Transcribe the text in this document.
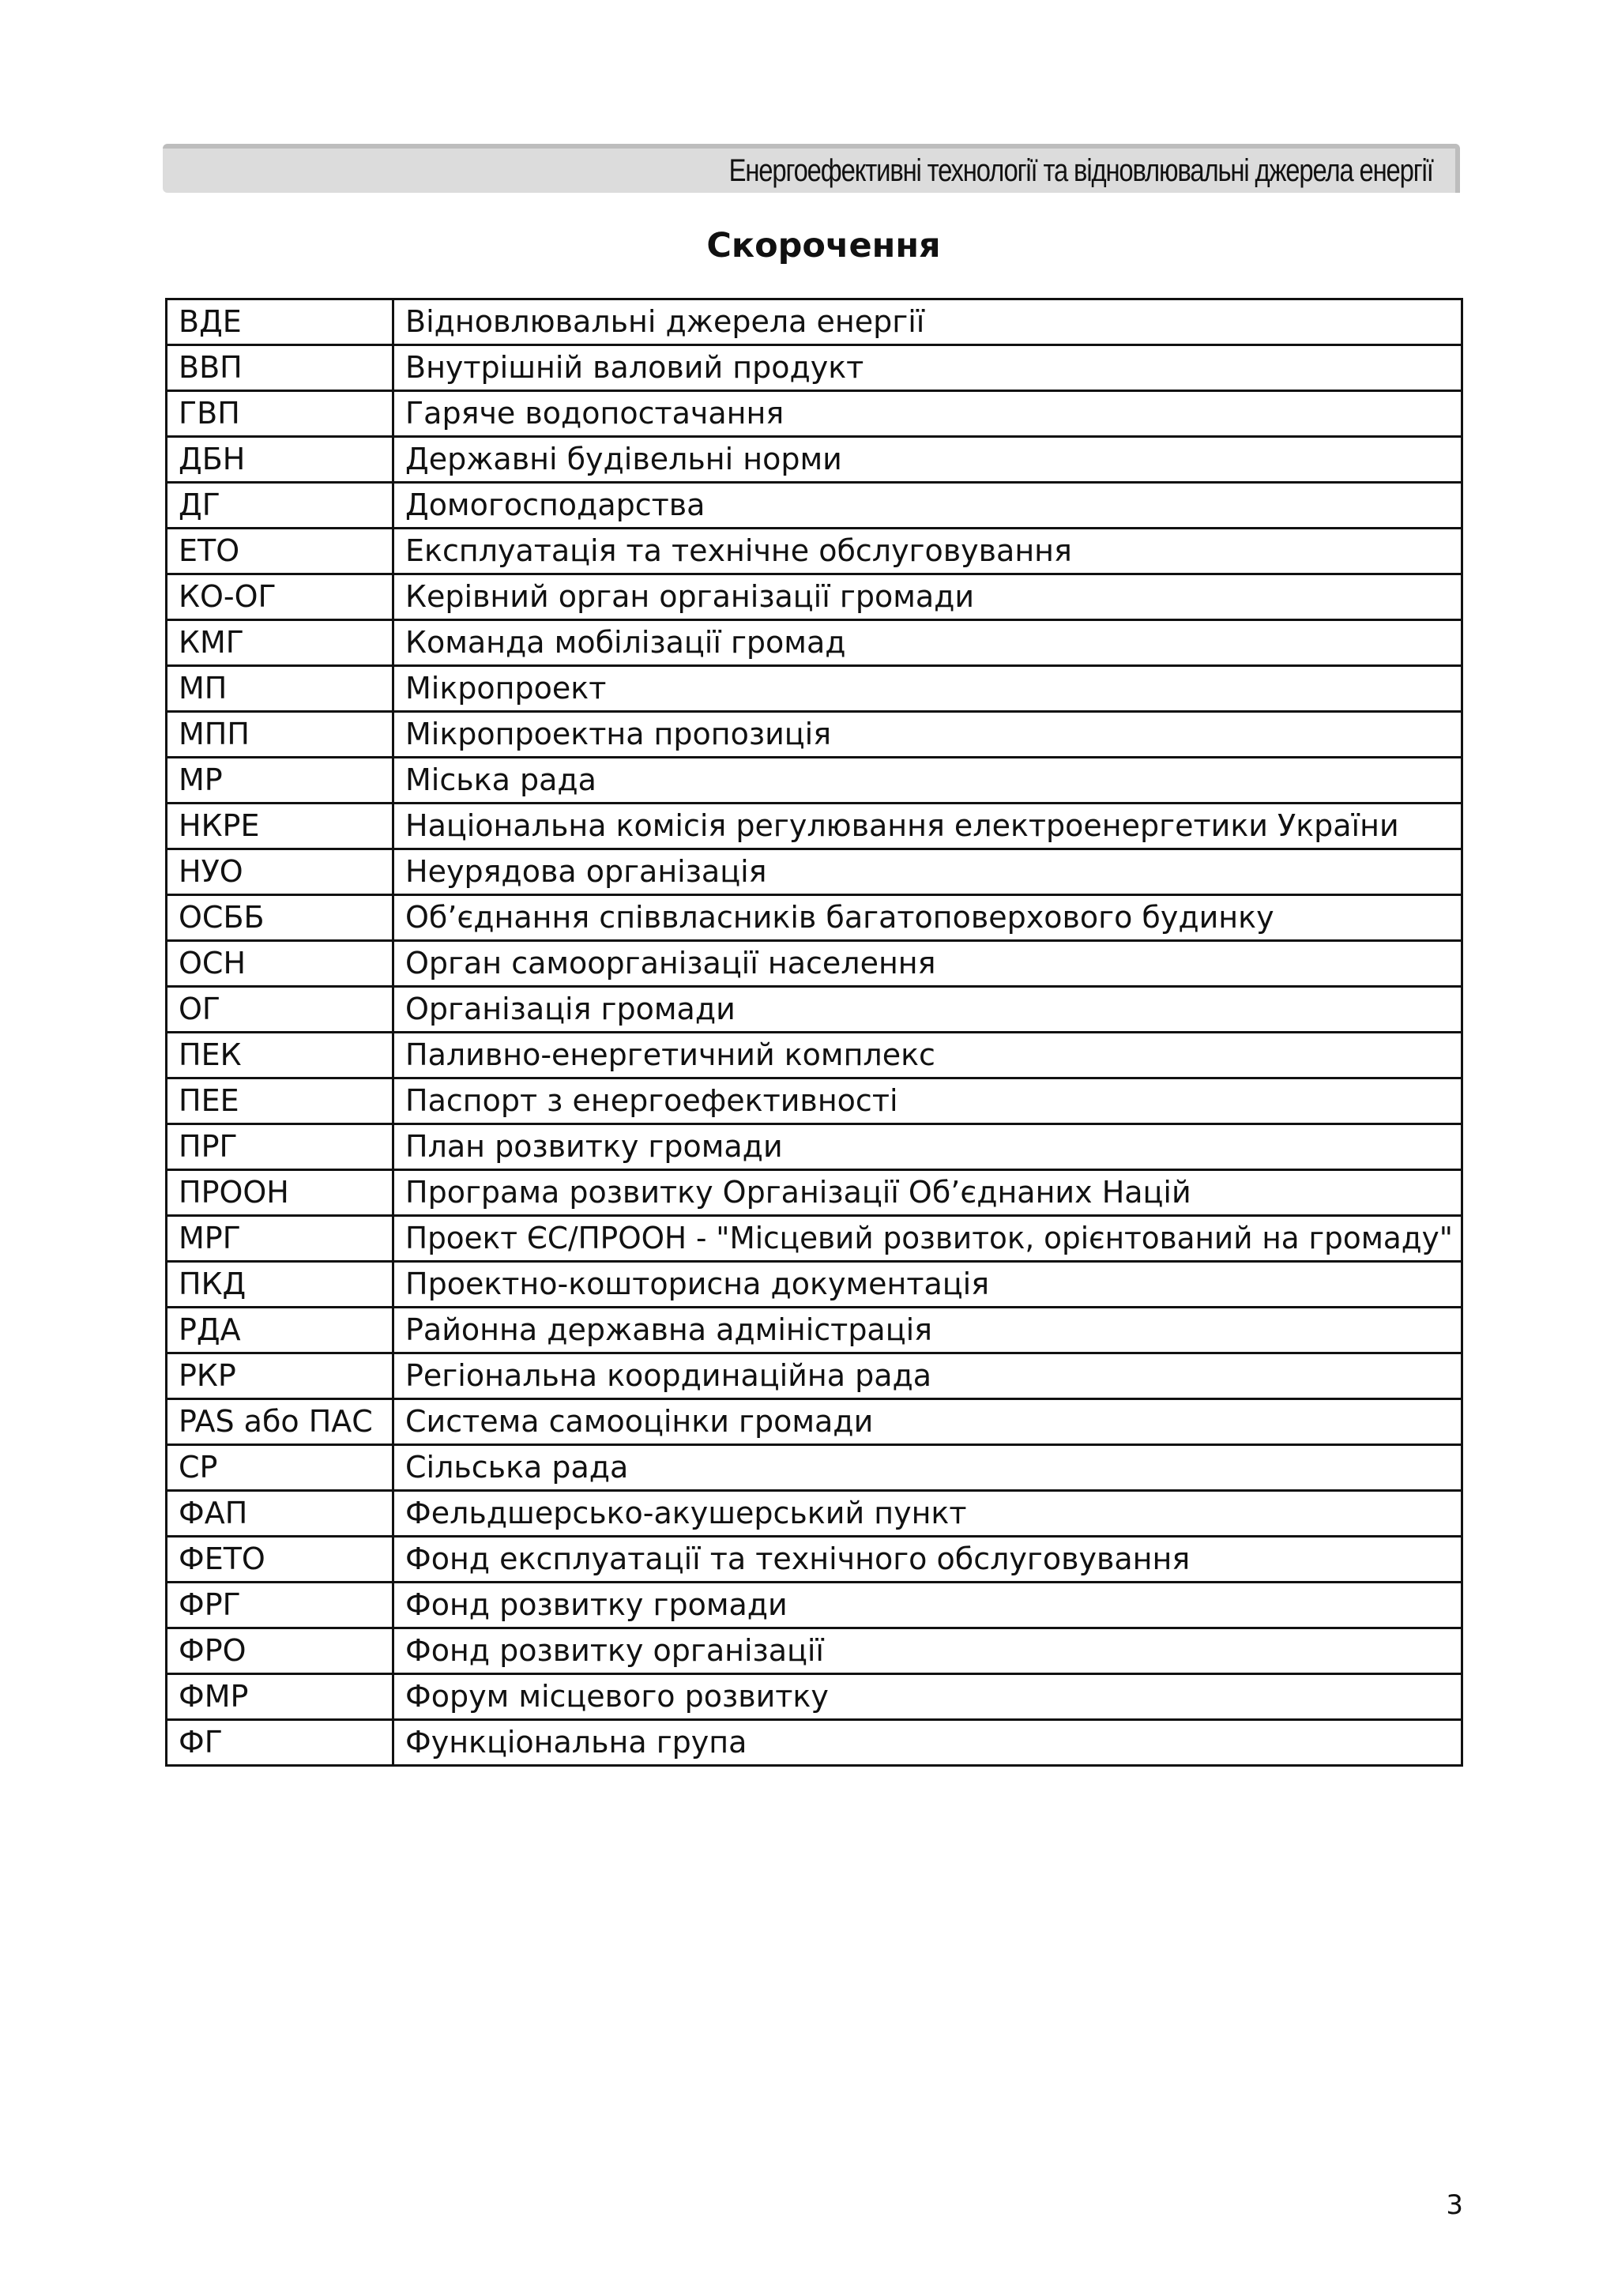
Енергоефективні технології та відновлювальні джерела енергії
Скорочення
ВДЕ	Відновлювальні джерела енергії
ВВП	Внутрішній валовий продукт
ГВП	Гаряче водопостачання
ДБН	Державні будівельні норми
ДГ	Домогосподарства
ЕТО	Експлуатація та технічне обслуговування
КО-ОГ	Керівний орган організації громади
КМГ	Команда мобілізації громад
МП	Мікропроект
МПП	Мікропроектна пропозиція
МР	Міська рада
НКРЕ	Національна комісія регулювання електроенергетики України
НУО	Неурядова організація
ОСББ	Об’єднання співвласників багатоповерхового будинку
ОСН	Орган самоорганізації населення
ОГ	Організація громади
ПЕК	Паливно-енергетичний комплекс
ПЕЕ	Паспорт з енергоефективності
ПРГ	План розвитку громади
ПРООН	Програма розвитку Організації Об’єднаних Націй
МРГ	Проект ЄС/ПРООН - "Місцевий розвиток, орієнтований на громаду"
ПКД	Проектно-кошторисна документація
РДА	Районна державна адміністрація
РКР	Регіональна координаційна рада
PAS або ПАС	Система самооцінки громади
СР	Сільська рада
ФАП	Фельдшерсько-акушерський пункт
ФЕТО	Фонд експлуатації та технічного обслуговування
ФРГ	Фонд розвитку громади
ФРО	Фонд розвитку організації
ФМР	Форум місцевого розвитку
ФГ	Функціональна група
3
